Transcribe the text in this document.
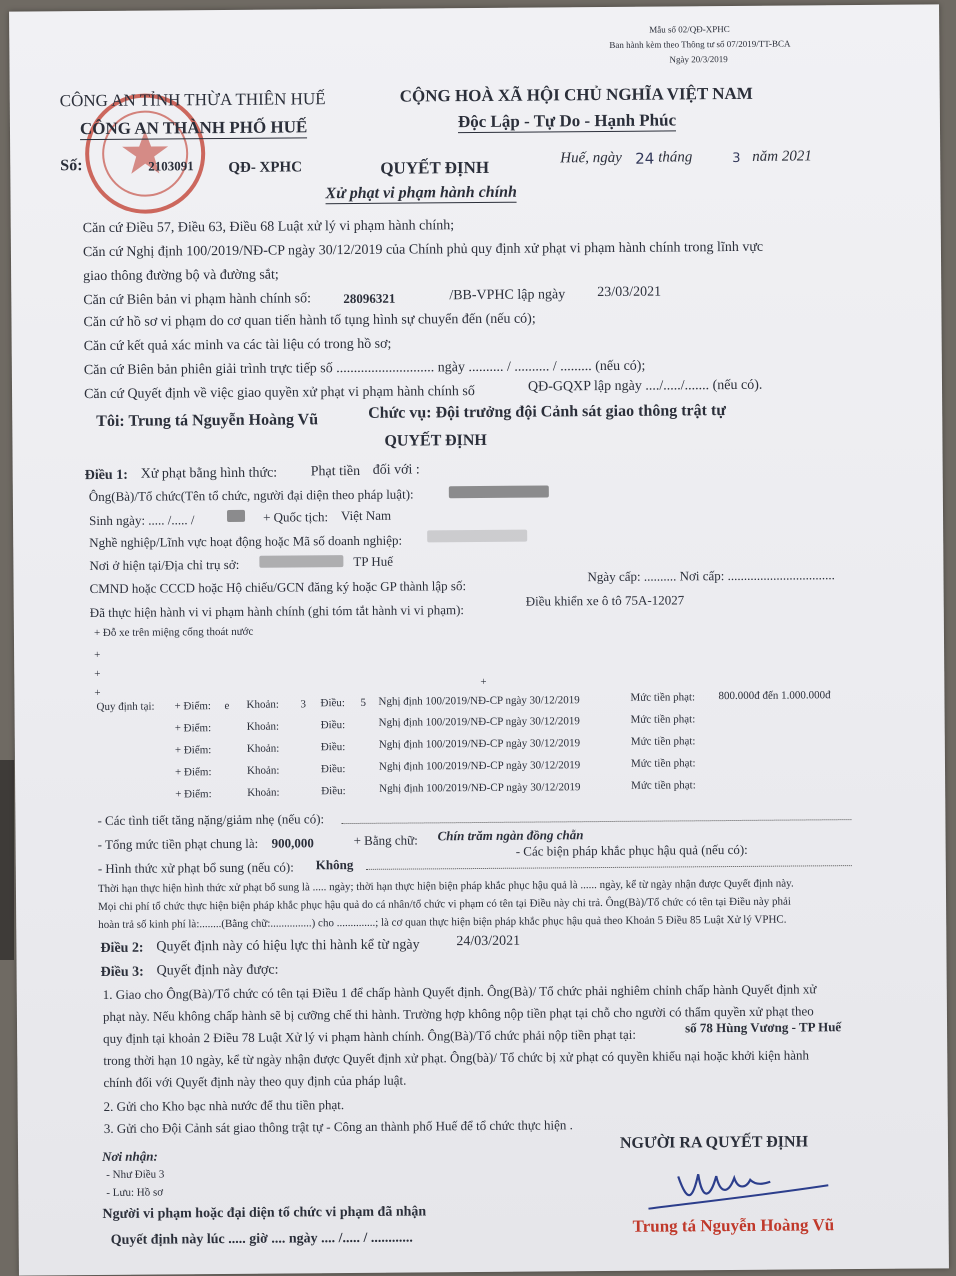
Mẫu số 02/QĐ-XPHC
Ban hành kèm theo Thông tư số 07/2019/TT-BCA
Ngày 20/3/2019
CÔNG AN TỈNH THỪA THIÊN HUẾ
CÔNG AN THÀNH PHỐ HUẾ
Số:	2103091 QĐ- XPHC
CỘNG HOÀ XÃ HỘI CHỦ NGHĨA VIỆT NAM
Độc Lập - Tự Do - Hạnh Phúc
Huế, ngày 24 tháng	3 năm 2021
QUYẾT ĐỊNH
Xử phạt vi phạm hành chính
Căn cứ Điều 57, Điều 63, Điều 68 Luật xử lý vi phạm hành chính;
Căn cứ Nghị định 100/2019/NĐ-CP ngày 30/12/2019 của Chính phủ quy định xử phạt vi phạm hành chính trong lĩnh vực
giao thông đường bộ và đường sắt;
Căn cứ Biên bản vi phạm hành chính số: 28096321	/BB-VPHC lập ngày 23/03/2021
Căn cứ hồ sơ vi phạm do cơ quan tiến hành tố tụng hình sự chuyển đến (nếu có);
Căn cứ kết quả xác minh va các tài liệu có trong hồ sơ;
Căn cứ Biên bản phiên giải trình trực tiếp số ............................ ngày .......... / .......... / ......... (nếu có);
Căn cứ Quyết định về việc giao quyền xử phạt vi phạm hành chính số	QĐ-GQXP lập ngày ..../...../....... (nếu có).
Tôi: Trung tá Nguyễn Hoàng Vũ	Chức vụ: Đội trưởng đội Cảnh sát giao thông trật tự
QUYẾT ĐỊNH
Điều 1: Xử phạt bằng hình thức: Phạt tiền đối với :
Ông(Bà)/Tổ chức(Tên tổ chức, người đại diện theo pháp luật):
Sinh ngày: ..... /..... /	+ Quốc tịch: Việt Nam
Nghề nghiệp/Lĩnh vực hoạt động hoặc Mã số doanh nghiệp:
Nơi ở hiện tại/Địa chỉ trụ sở:	TP Huế
CMND hoặc CCCD hoặc Hộ chiếu/GCN đăng ký hoặc GP thành lập số:
Ngày cấp: .......... Nơi cấp: .................................
Đã thực hiện hành vi vi phạm hành chính (ghi tóm tắt hành vi vi phạm):
Điều khiển xe ô tô 75A-12027
+ Đỗ xe trên miệng cống thoát nước
+
+
+
+
Quy định tại: + Điểm: e Khoản: 3 Điều: 5 Nghị định 100/2019/NĐ-CP ngày 30/12/2019	Mức tiền phạt: 800.000đ đến 1.000.000đ
+ Điểm:	Khoản:	Điều:	Nghị định 100/2019/NĐ-CP ngày 30/12/2019	Mức tiền phạt:
+ Điểm:	Khoản:	Điều:	Nghị định 100/2019/NĐ-CP ngày 30/12/2019	Mức tiền phạt:
+ Điểm:	Khoản:	Điều:	Nghị định 100/2019/NĐ-CP ngày 30/12/2019	Mức tiền phạt:
+ Điểm:	Khoản:	Điều:	Nghị định 100/2019/NĐ-CP ngày 30/12/2019	Mức tiền phạt:
- Các tình tiết tăng nặng/giảm nhẹ (nếu có):
- Tổng mức tiền phạt chung là: 900,000	+ Bằng chữ: Chín trăm ngàn đồng chẵn
- Các biện pháp khắc phục hậu quả (nếu có):
- Hình thức xử phạt bổ sung (nếu có): Không
Thời hạn thực hiện hình thức xử phạt bổ sung là ..... ngày; thời hạn thực hiện biện pháp khắc phục hậu quả là ...... ngày, kể từ ngày nhận được Quyết định này.
Mọi chi phí tổ chức thực hiện biện pháp khắc phục hậu quả do cá nhân/tổ chức vi phạm có tên tại Điều này chi trả. Ông(Bà)/Tổ chức có tên tại Điều này phải
hoàn trả số kinh phí là:........(Bằng chữ:...............) cho ..............; là cơ quan thực hiện biện pháp khắc phục hậu quả theo Khoản 5 Điều 85 Luật Xử lý VPHC.
Điều 2: Quyết định này có hiệu lực thi hành kể từ ngày	24/03/2021
Điều 3: Quyết định này được:
1. Giao cho Ông(Bà)/Tổ chức có tên tại Điều 1 để chấp hành Quyết định. Ông(Bà)/ Tổ chức phải nghiêm chỉnh chấp hành Quyết định xử
phạt này. Nếu không chấp hành sẽ bị cưỡng chế thi hành. Trường hợp không nộp tiền phạt tại chỗ cho người có thẩm quyền xử phạt theo
quy định tại khoản 2 Điều 78 Luật Xử lý vi phạm hành chính. Ông(Bà)/Tổ chức phải nộp tiền phạt tại:	số 78 Hùng Vương - TP Huế
trong thời hạn 10 ngày, kể từ ngày nhận được Quyết định xử phạt. Ông(bà)/ Tổ chức bị xử phạt có quyền khiếu nại hoặc khởi kiện hành
chính đối với Quyết định này theo quy định của pháp luật.
2. Gửi cho Kho bạc nhà nước để thu tiền phạt.
3. Gửi cho Đội Cảnh sát giao thông trật tự - Công an thành phố Huế để tổ chức thực hiện .
Nơi nhận:
- Như Điều 3
- Lưu: Hồ sơ
NGƯỜI RA QUYẾT ĐỊNH
Trung tá Nguyễn Hoàng Vũ
Người vi phạm hoặc đại diện tổ chức vi phạm đã nhận
Quyết định này lúc ..... giờ .... ngày .... /..... / ............
